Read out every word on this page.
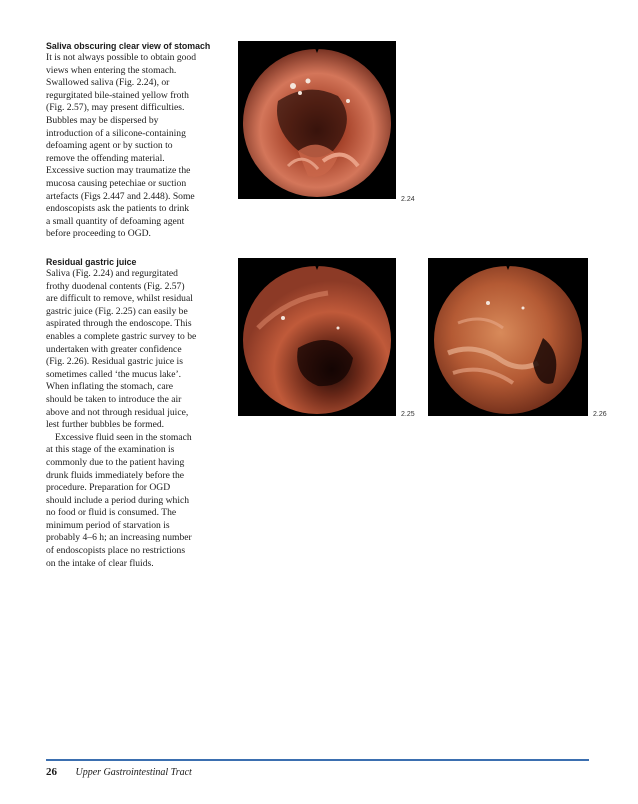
Saliva obscuring clear view of stomach

It is not always possible to obtain good
views when entering the stomach.
Swallowed saliva (Fig. 2.24), or
regurgitated bile-stained yellow froth
(Fig. 2.57), may present difficulties.
Bubbles may be dispersed by
introduction of a silicone-containing
defoaming agent or by suction to
remove the offending material.
Excessive suction may traumatize the
mucosa causing petechiae or suction
artefacts (Figs 2.447 and 2.448). Some
endoscopists ask the patients to drink
a small quantity of defoaming agent
before proceeding to OGD.

Residual gastric juice

Saliva (Fig. 2.24) and regurgitated
frothy duodenal contents (Fig. 2.57)
are difficult to remove, whilst residual
gastric juice (Fig. 2.25) can easily be
aspirated through the endoscope. This
enables a complete gastric survey to be
undertaken with greater confidence
(Fig. 2.26). Residual gastric juice is
sometimes called ‘the mucus lake’.
When inflating the stomach, care
should be taken to introduce the air
above and not through residual juice,
lest further bubbles be formed.

Excessive fluid seen in the stomach
at this stage of the examination is
commonly due to the patient having
drunk fluids immediately before the
procedure. Preparation for OGD
should include a period during which
no food or fluid is consumed. The
minimum period of starvation is
probably 4–6 h; an increasing number
of endoscopists place no restrictions
on the intake of clear fluids.

2.24
2.25	2.26
26 Upper Gastrointestinal Tract
